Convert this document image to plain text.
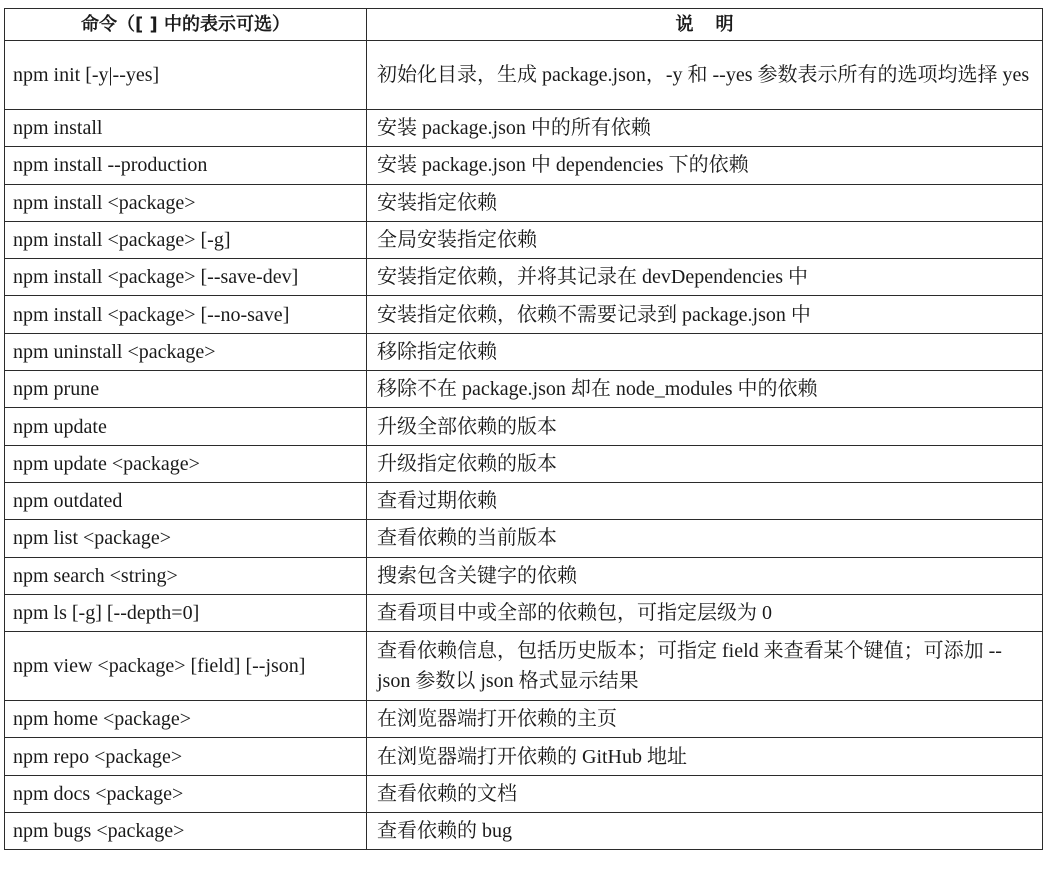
命令（[ ] 中的表示可选）	说明
npm init [-y|--yes]	初始化目录，生成 package.json，-y 和 --yes 参数表示所有的选项均选择 yes
npm install	安装 package.json 中的所有依赖
npm install --production	安装 package.json 中 dependencies 下的依赖
npm install <package>	安装指定依赖
npm install <package> [-g]	全局安装指定依赖
npm install <package> [--save-dev]	安装指定依赖，并将其记录在 devDependencies 中
npm install <package> [--no-save]	安装指定依赖，依赖不需要记录到 package.json 中
npm uninstall <package>	移除指定依赖
npm prune	移除不在 package.json 却在 node_modules 中的依赖
npm update	升级全部依赖的版本
npm update <package>	升级指定依赖的版本
npm outdated	查看过期依赖
npm list <package>	查看依赖的当前版本
npm search <string>	搜索包含关键字的依赖
npm ls [-g] [--depth=0]	查看项目中或全部的依赖包，可指定层级为 0
npm view <package> [field] [--json]	查看依赖信息，包括历史版本；可指定 field 来查看某个键值；可添加 --json 参数以 json 格式显示结果
npm home <package>	在浏览器端打开依赖的主页
npm repo <package>	在浏览器端打开依赖的 GitHub 地址
npm docs <package>	查看依赖的文档
npm bugs <package>	查看依赖的 bug
